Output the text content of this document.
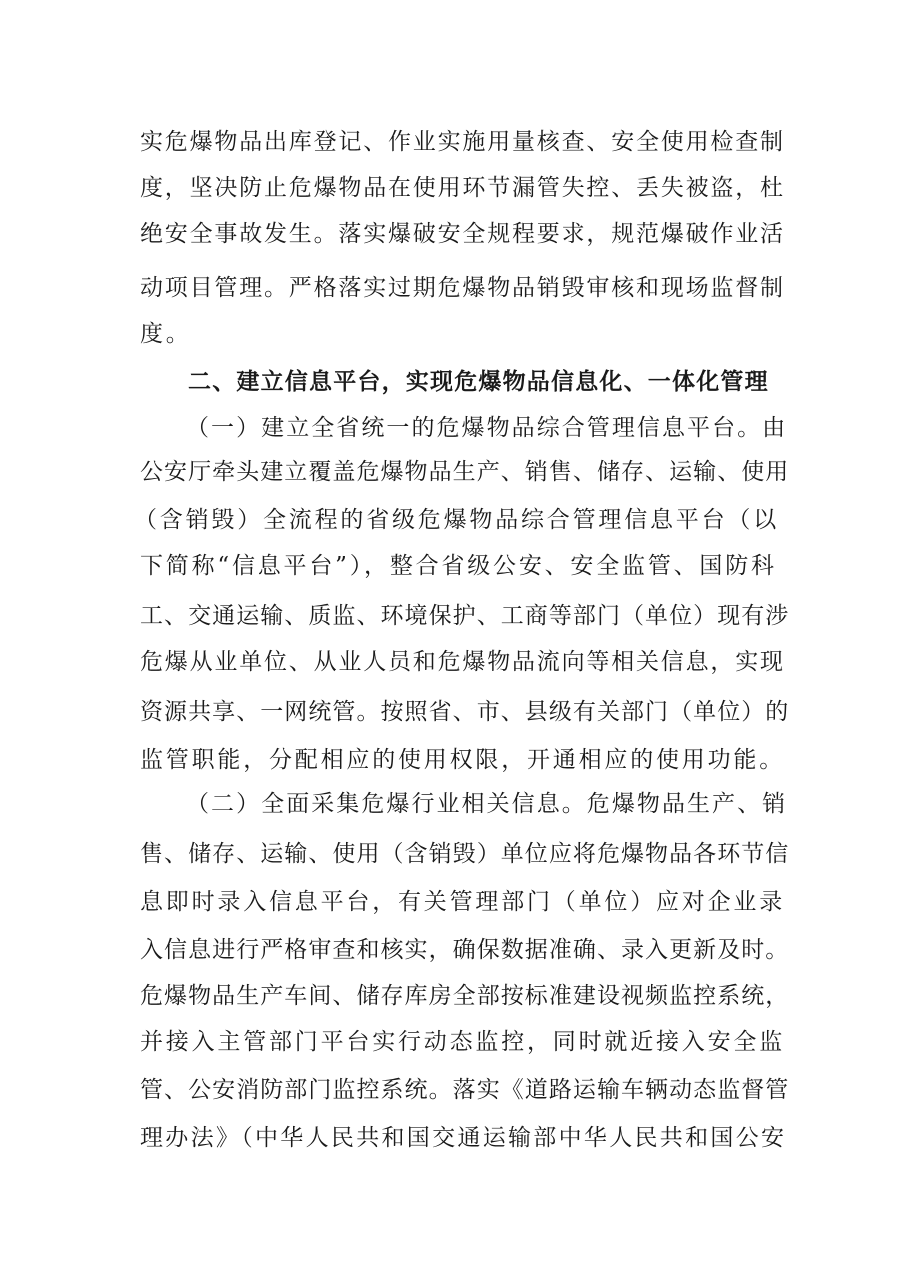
实危爆物品出库登记、作业实施用量核查、安全使用检查制
度，坚决防止危爆物品在使用环节漏管失控、丢失被盗，杜
绝安全事故发生。落实爆破安全规程要求，规范爆破作业活
动项目管理。严格落实过期危爆物品销毁审核和现场监督制
度。
二、建立信息平台，实现危爆物品信息化、一体化管理
（一）建立全省统一的危爆物品综合管理信息平台。由
公安厅牵头建立覆盖危爆物品生产、销售、储存、运输、使用
（含销毁）全流程的省级危爆物品综合管理信息平台（以
下简称“信息平台”），整合省级公安、安全监管、国防科
工、交通运输、质监、环境保护、工商等部门（单位）现有涉
危爆从业单位、从业人员和危爆物品流向等相关信息，实现
资源共享、一网统管。按照省、市、县级有关部门（单位）的
监管职能，分配相应的使用权限，开通相应的使用功能。
（二）全面采集危爆行业相关信息。危爆物品生产、销
售、储存、运输、使用（含销毁）单位应将危爆物品各环节信
息即时录入信息平台，有关管理部门（单位）应对企业录
入信息进行严格审查和核实，确保数据准确、录入更新及时。
危爆物品生产车间、储存库房全部按标准建设视频监控系统，
并接入主管部门平台实行动态监控，同时就近接入安全监
管、公安消防部门监控系统。落实《道路运输车辆动态监督管
理办法》（中华人民共和国交通运输部中华人民共和国公安
